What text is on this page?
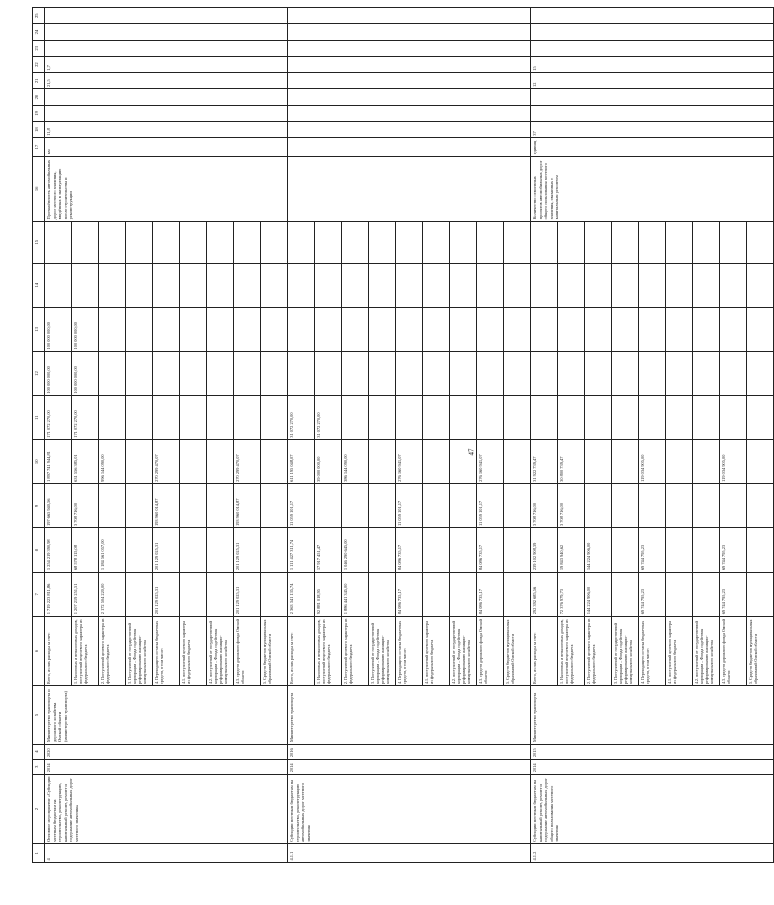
47
1	2	3	4	5	6	7	8	9	10	11	12	13	14	15	16	17	18	19	20	21	22	23	24	25
4	Основное мероприятие «Субсидии местным бюджетам на строительство, реконструкцию, капитальный ремонт, ремонт и содержание автомобильных дорог местного значения»	2014	2020	Министерство транспорта и дорожного хозяйства Омской области (министерство транспорта)	Всего, из них расходы за счет:	1 719 223 811,86	1 254 219 390,98	197 665 940,56	1 897 741 944,81	171 072 270,00	100 000 000,00	100 000 000,00			Протяжённость автомобильных дорог местного значения, введённых в эксплуатацию после строительства и реконструкции	км	11,8			21,5	1,7			
					1. Налоговых и неналоговых доходов, поступлений нецелевого характера из федерального бюджета	1 207 219 251,51	68 578 115,08	3 708 716,00	631 556 385,01	171 072 270,00	100 000 000,00	100 000 000,00												
					2. Поступлений целевого характера из федерального бюджета	2 172 504 220,00	1 184 561 057,00		996 144 090,00															
					3. Поступлений от государственной корпорации – Фонда содействия реформированию жилищно-коммунального хозяйства																			
					4. Переходящего остатка бюджетных средств, в том числе:	201 129 025,31	201 129 025,31	193 960 014,87	270 299 470,07															
					4.1. поступлений целевого характера из федерального бюджета																			
					4.2. поступлений от государственной корпорации – Фонда содействия реформированию жилищно-коммунального хозяйства																			
					4.3. средств дорожного фонда Омской области	201 129 025,31	201 129 025,31	193 960 014,87	270 299 470,07															
					5. Средств бюджетов муниципальных образований Омской области																			
4.1.1	Субсидии местным бюджетам на строительство, реконструкцию автомобильных дорог местного значения	2014	2016	Министерство транспорта	Всего, из них расходы за счет:	2 363 341 135,74	1 111 427 311,74	11 059 101,17	611 195 048,07	31 072 270,00														
					1. Налоговых и неналоговых доходов, поступлений нецелевого характера из федерального бюджета	92 881 018,95	17 917 451,47		39 000 000,00	31 072 270,00														
					2. Поступлений целевого характера из федерального бюджета	1 886 441 345,00	1 046 290 645,00		386 144 090,00															
					3. Поступлений от государственной корпорации – Фонда содействия реформированию жилищно-коммунального хозяйства																			
					4. Переходящего остатка бюджетных средств, в том числе:	84 086 735,17	84 086 735,17	11 059 101,17	276 160 941,07															
					4.1. поступлений целевого характера из федерального бюджета																			
					4.2. поступлений от государственной корпорации – Фонда содействия реформированию жилищно-коммунального хозяйства																			
					4.3. средств дорожного фонда Омской области	84 086 735,17	84 086 735,17	11 059 101,17	276 160 941,07															
					5. Средств бюджетов муниципальных образований Омской области																			
4.1.2	Субсидии местным бюджетам на капитальный ремонт, ремонт и содержание автомобильных дорог общего пользования местного значения	2014	2015	Министерство транспорта	Всего, из них расходы за счет:	292 392 685,56	239 102 908,39	3 708 716,00	31 922 739,47						Количество освоенных проектов автомобильных дорог общего пользования местного значения, связанных с капитальным ремонтом	единиц	37			12	15			
					1. Налоговых и неналоговых доходов, поступлений нецелевого характера из федерального бюджета	72 376 979,73	19 843 940,62	3 708 716,00	30 800 739,47															
					2. Поступлений целевого характера из федерального бюджета	144 224 906,00	144 224 906,00																	
					3. Поступлений от государственной корпорации – Фонда содействия реформированию жилищно-коммунального хозяйства																			
					4. Переходящего остатка бюджетных средств, в том числе:	69 744 795,23	69 744 795,23		119 034 905,00															
					4.1. поступлений целевого характера из федерального бюджета																			
					4.2. поступлений от государственной корпорации – Фонда содействия реформированию жилищно-коммунального хозяйства																			
					4.3. средств дорожного фонда Омской области	69 744 795,23	69 744 795,23		119 034 905,00															
					5. Средств бюджетов муниципальных образований Омской области																			
